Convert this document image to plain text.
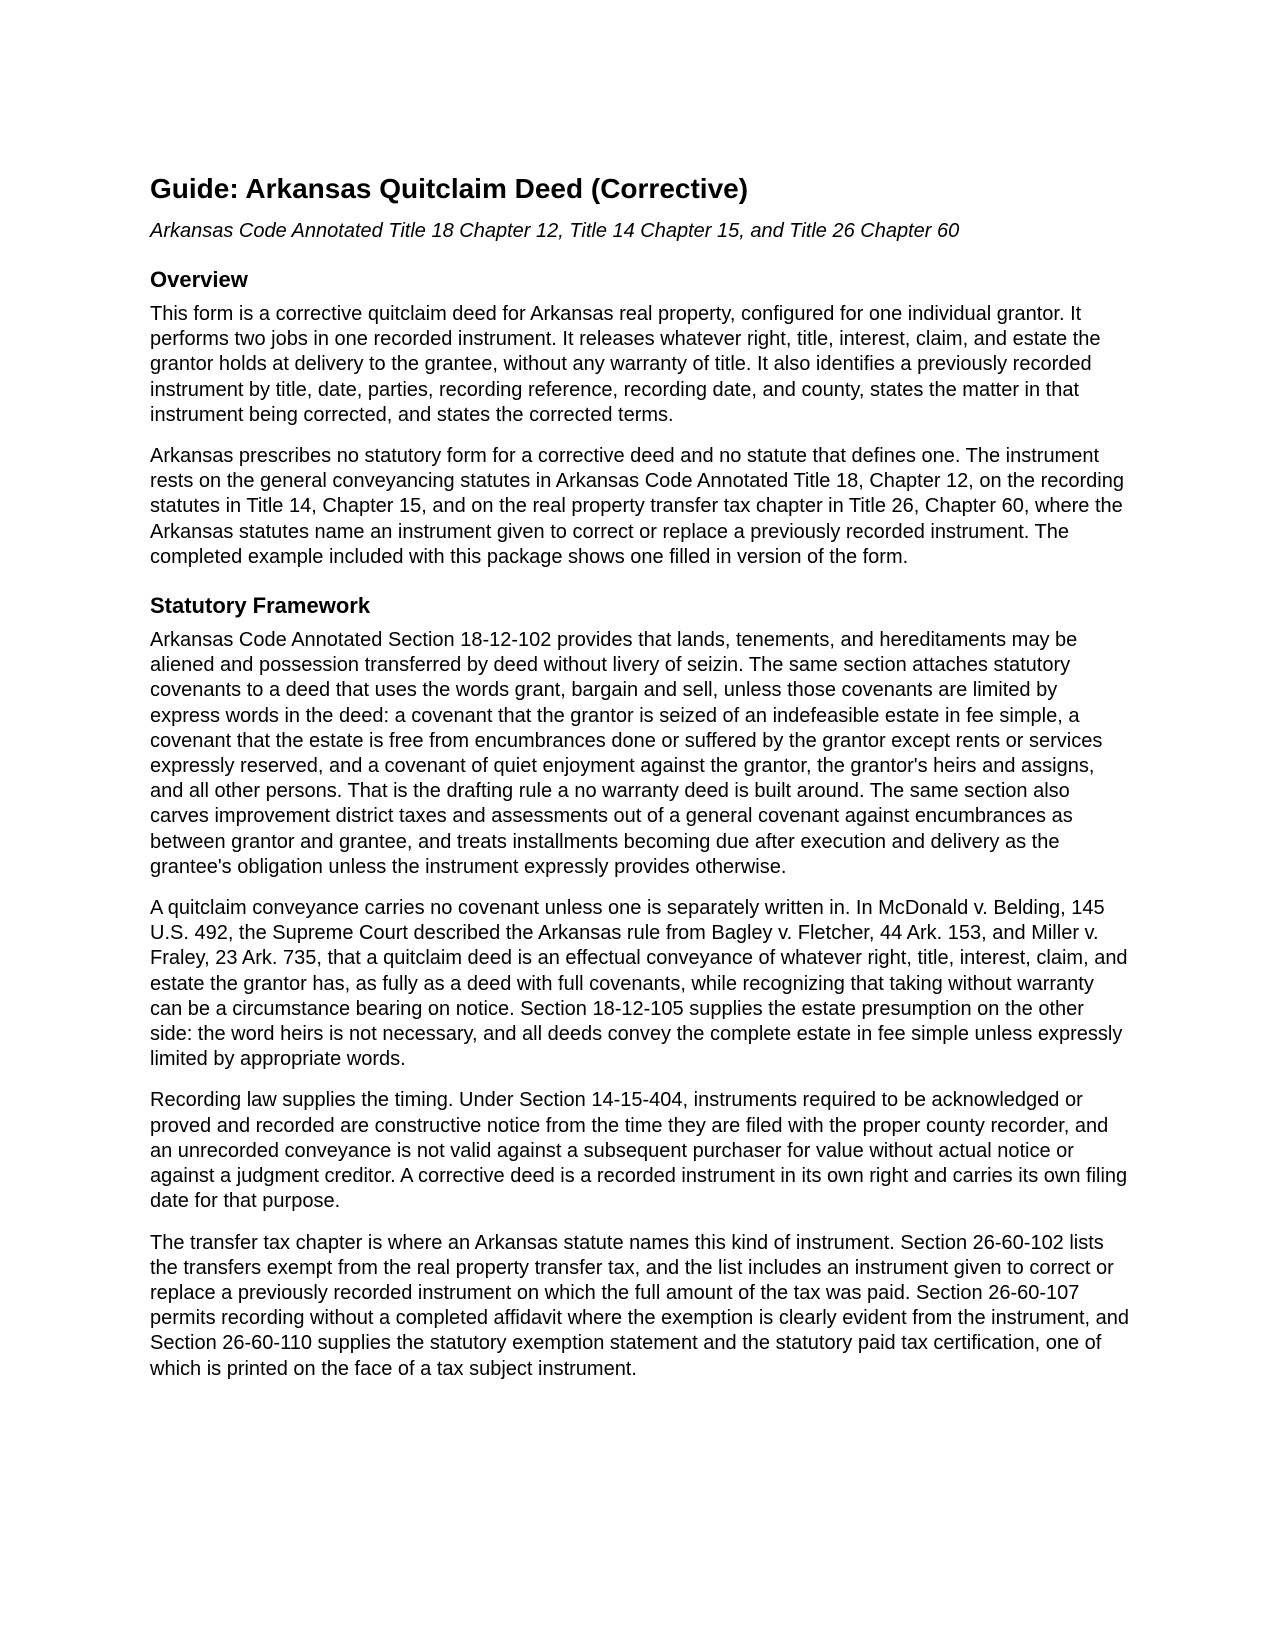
Guide: Arkansas Quitclaim Deed (Corrective)
Arkansas Code Annotated Title 18 Chapter 12, Title 14 Chapter 15, and Title 26 Chapter 60
Overview

This form is a corrective quitclaim deed for Arkansas real property, configured for one individual grantor. It performs two jobs in one recorded instrument. It releases whatever right, title, interest, claim, and estate the grantor holds at delivery to the grantee, without any warranty of title. It also identifies a previously recorded instrument by title, date, parties, recording reference, recording date, and county, states the matter in that instrument being corrected, and states the corrected terms.

Arkansas prescribes no statutory form for a corrective deed and no statute that defines one. The instrument rests on the general conveyancing statutes in Arkansas Code Annotated Title 18, Chapter 12, on the recording statutes in Title 14, Chapter 15, and on the real property transfer tax chapter in Title 26, Chapter 60, where the Arkansas statutes name an instrument given to correct or replace a previously recorded instrument. The completed example included with this package shows one filled in version of the form.

Statutory Framework

Arkansas Code Annotated Section 18-12-102 provides that lands, tenements, and hereditaments may be aliened and possession transferred by deed without livery of seizin. The same section attaches statutory covenants to a deed that uses the words grant, bargain and sell, unless those covenants are limited by express words in the deed: a covenant that the grantor is seized of an indefeasible estate in fee simple, a covenant that the estate is free from encumbrances done or suffered by the grantor except rents or services expressly reserved, and a covenant of quiet enjoyment against the grantor, the grantor's heirs and assigns, and all other persons. That is the drafting rule a no warranty deed is built around. The same section also carves improvement district taxes and assessments out of a general covenant against encumbrances as between grantor and grantee, and treats installments becoming due after execution and delivery as the grantee's obligation unless the instrument expressly provides otherwise.

A quitclaim conveyance carries no covenant unless one is separately written in. In McDonald v. Belding, 145 U.S. 492, the Supreme Court described the Arkansas rule from Bagley v. Fletcher, 44 Ark. 153, and Miller v. Fraley, 23 Ark. 735, that a quitclaim deed is an effectual conveyance of whatever right, title, interest, claim, and estate the grantor has, as fully as a deed with full covenants, while recognizing that taking without warranty can be a circumstance bearing on notice. Section 18-12-105 supplies the estate presumption on the other side: the word heirs is not necessary, and all deeds convey the complete estate in fee simple unless expressly limited by appropriate words.

Recording law supplies the timing. Under Section 14-15-404, instruments required to be acknowledged or proved and recorded are constructive notice from the time they are filed with the proper county recorder, and an unrecorded conveyance is not valid against a subsequent purchaser for value without actual notice or against a judgment creditor. A corrective deed is a recorded instrument in its own right and carries its own filing date for that purpose.

The transfer tax chapter is where an Arkansas statute names this kind of instrument. Section 26-60-102 lists the transfers exempt from the real property transfer tax, and the list includes an instrument given to correct or replace a previously recorded instrument on which the full amount of the tax was paid. Section 26-60-107 permits recording without a completed affidavit where the exemption is clearly evident from the instrument, and Section 26-60-110 supplies the statutory exemption statement and the statutory paid tax certification, one of which is printed on the face of a tax subject instrument.
